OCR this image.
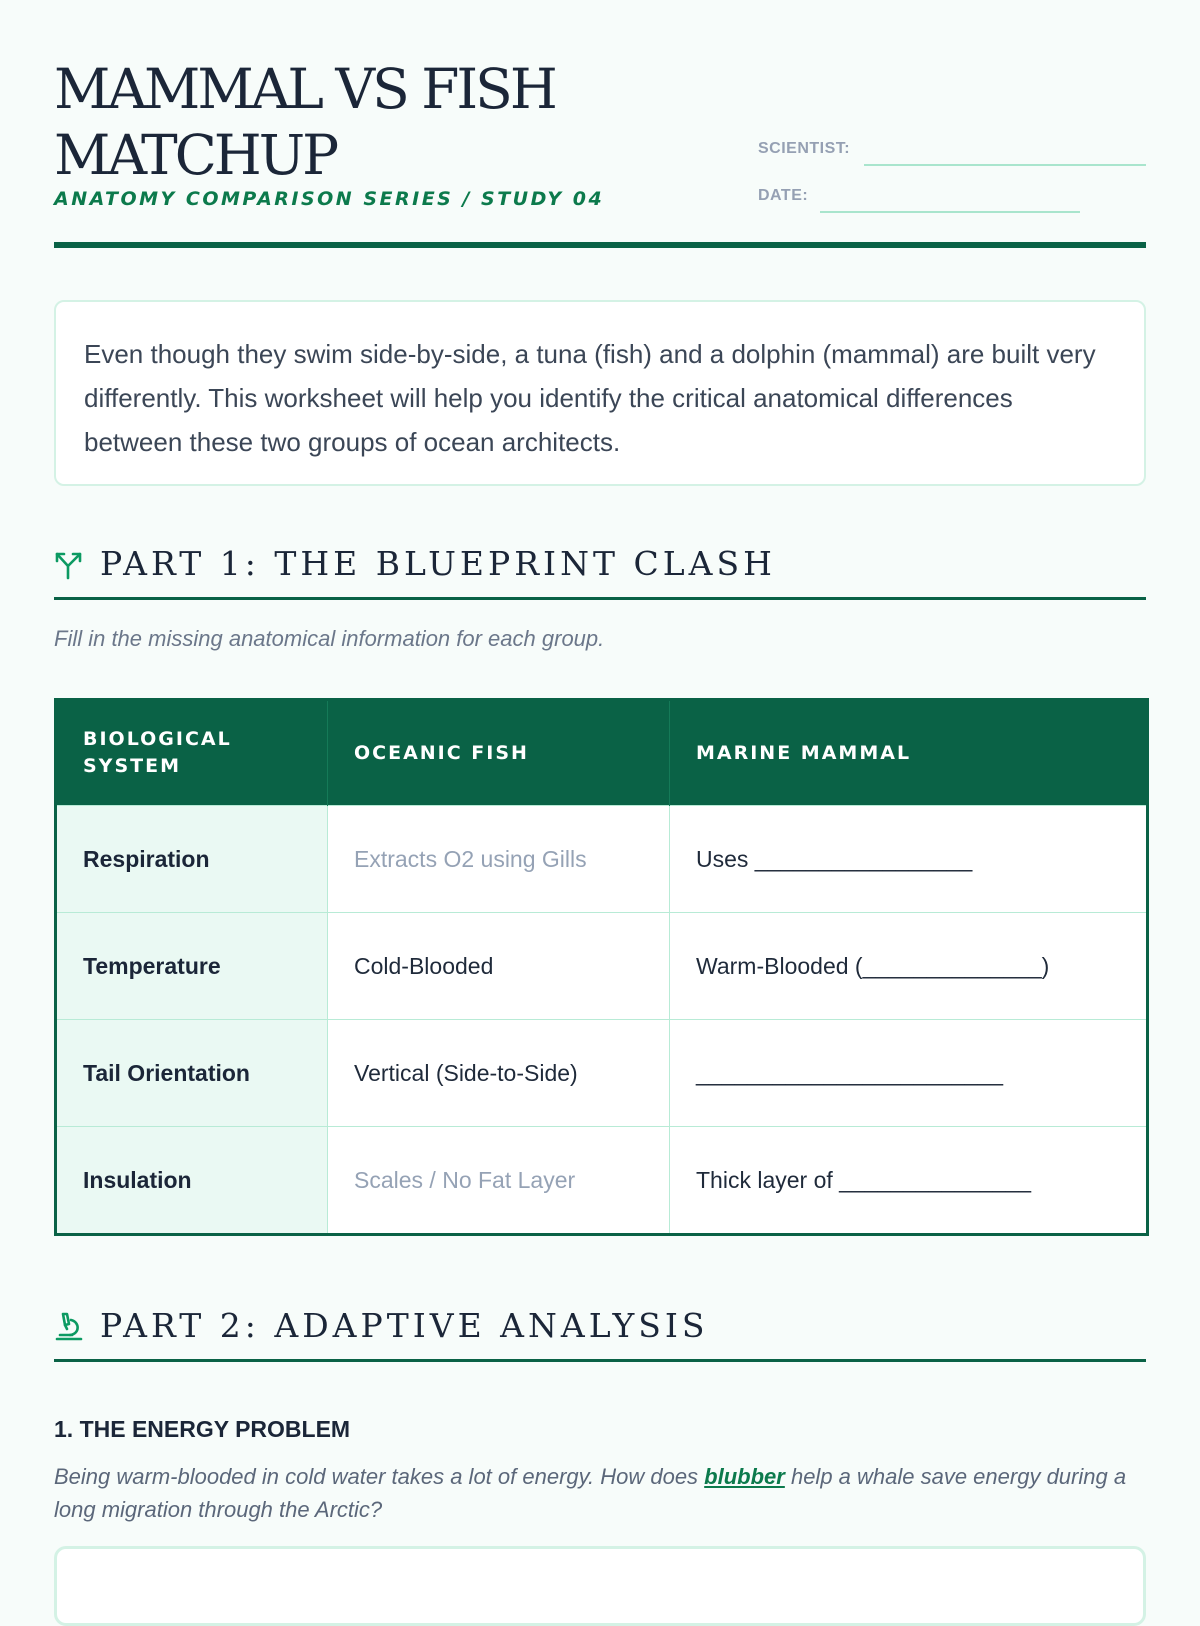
MAMMAL VS FISH
MATCHUP

ANATOMY COMPARISON SERIES / STUDY 04

SCIENTIST:
DATE:
Even though they swim side-by-side, a tuna (fish) and a dolphin (mammal) are built very differently. This worksheet will help you identify the critical anatomical differences between these two groups of ocean architects.
PART 1: THE BLUEPRINT CLASH

Fill in the missing anatomical information for each group.

BIOLOGICAL SYSTEM	OCEANIC FISH	MARINE MAMMAL
Respiration	Extracts O2 using Gills	Uses _________________
Temperature	Cold-Blooded	Warm-Blooded (______________)
Tail Orientation	Vertical (Side-to-Side)	________________________
Insulation	Scales / No Fat Layer	Thick layer of _______________
PART 2: ADAPTIVE ANALYSIS

1. THE ENERGY PROBLEM

Being warm-blooded in cold water takes a lot of energy. How does blubber help a whale save energy during a long migration through the Arctic?
